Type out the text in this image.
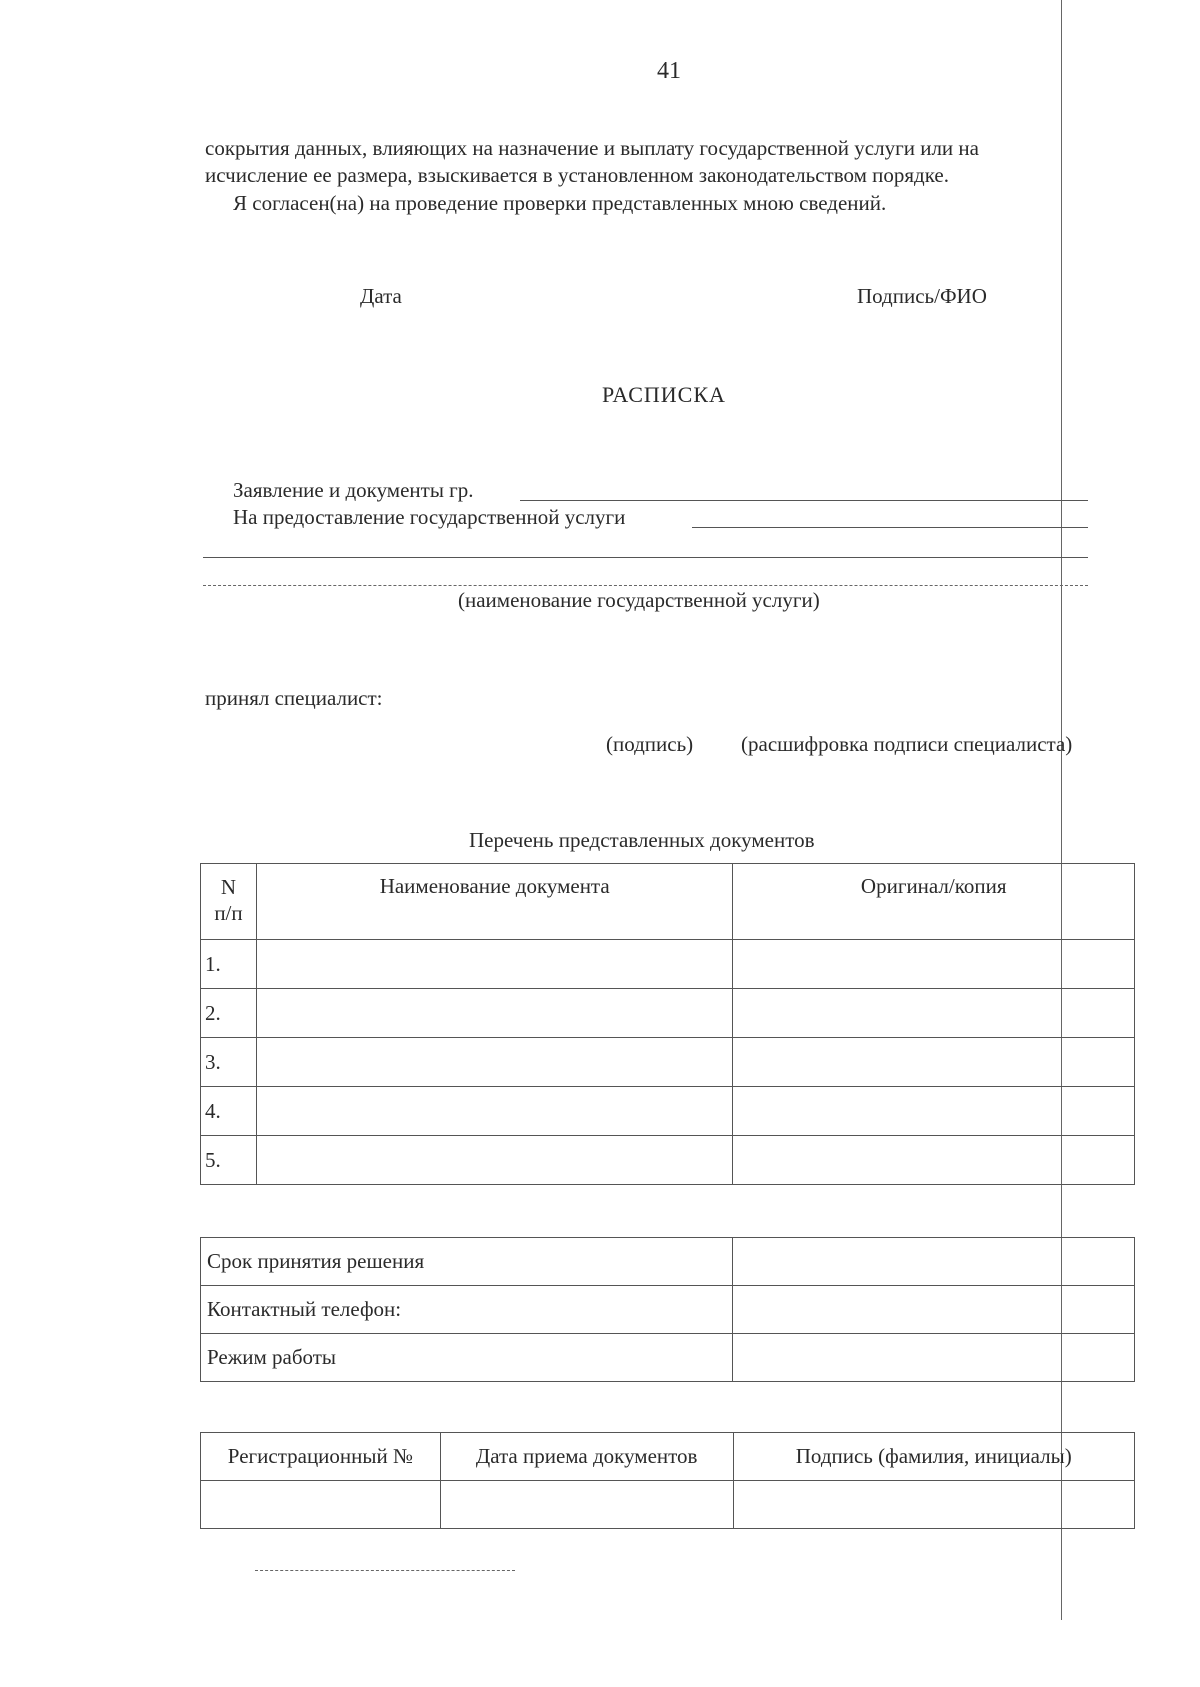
41
сокрытия данных, влияющих на назначение и выплату государственной услуги или на
исчисление ее размера, взыскивается в установленном законодательством порядке.
Я согласен(на) на проведение проверки представленных мною сведений.
Дата	Подпись/ФИО
РАСПИСКА
Заявление и документы гр.
На предоставление государственной услуги
(наименование государственной услуги)
принял специалист:
(подпись) (расшифровка подписи специалиста)
Перечень представленных документов
N
п/п	Наименование документа	Оригинал/копия
1.		
2.		
3.		
4.		
5.		
Срок принятия решения	
Контактный телефон:	
Режим работы	
Регистрационный №	Дата приема документов	Подпись (фамилия, инициалы)
